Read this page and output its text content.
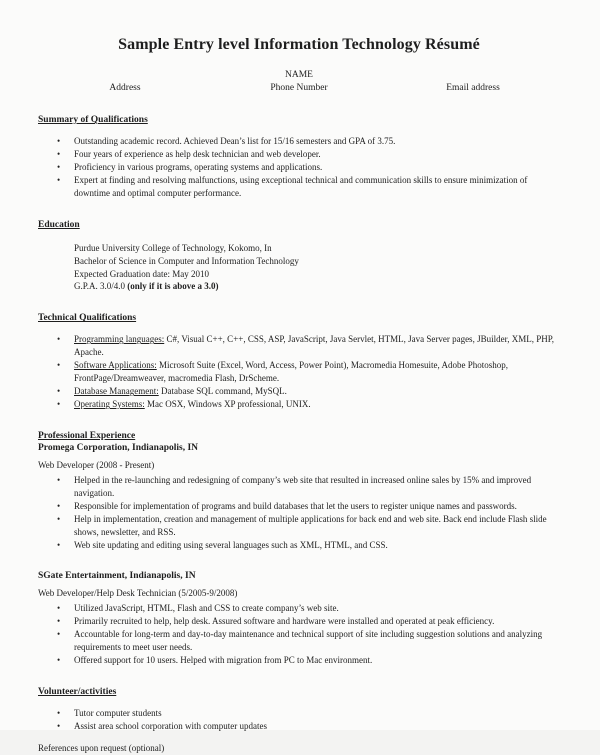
Sample Entry level Information Technology Résumé
NAME
Address	Phone Number	Email address
Summary of Qualifications
• Outstanding academic record. Achieved Dean’s list for 15/16 semesters and GPA of 3.75.
• Four years of experience as help desk technician and web developer.
• Proficiency in various programs, operating systems and applications.
• Expert at finding and resolving malfunctions, using exceptional technical and communication skills to ensure minimization of downtime and optimal computer performance.
Education
Purdue University College of Technology, Kokomo, In
Bachelor of Science in Computer and Information Technology
Expected Graduation date: May 2010
G.P.A. 3.0/4.0 (only if it is above a 3.0)
Technical Qualifications
• Programming languages: C#, Visual C++, C++, CSS, ASP, JavaScript, Java Servlet, HTML, Java Server pages, JBuilder, XML, PHP, Apache.
• Software Applications: Microsoft Suite (Excel, Word, Access, Power Point), Macromedia Homesuite, Adobe Photoshop, FrontPage/Dreamweaver, macromedia Flash, DrScheme.
• Database Management: Database SQL command, MySQL.
• Operating Systems: Mac OSX, Windows XP professional, UNIX.
Professional Experience
Promega Corporation, Indianapolis, IN
Web Developer (2008 - Present)
• Helped in the re-launching and redesigning of company’s web site that resulted in increased online sales by 15% and improved navigation.
• Responsible for implementation of programs and build databases that let the users to register unique names and passwords.
• Help in implementation, creation and management of multiple applications for back end and web site. Back end include Flash slide shows, newsletter, and RSS.
• Web site updating and editing using several languages such as XML, HTML, and CSS.
SGate Entertainment, Indianapolis, IN
Web Developer/Help Desk Technician (5/2005-9/2008)
• Utilized JavaScript, HTML, Flash and CSS to create company’s web site.
• Primarily recruited to help, help desk. Assured software and hardware were installed and operated at peak efficiency.
• Accountable for long-term and day-to-day maintenance and technical support of site including suggestion solutions and analyzing requirements to meet user needs.
• Offered support for 10 users. Helped with migration from PC to Mac environment.
Volunteer/activities
• Tutor computer students
• Assist area school corporation with computer updates
References upon request (optional)
